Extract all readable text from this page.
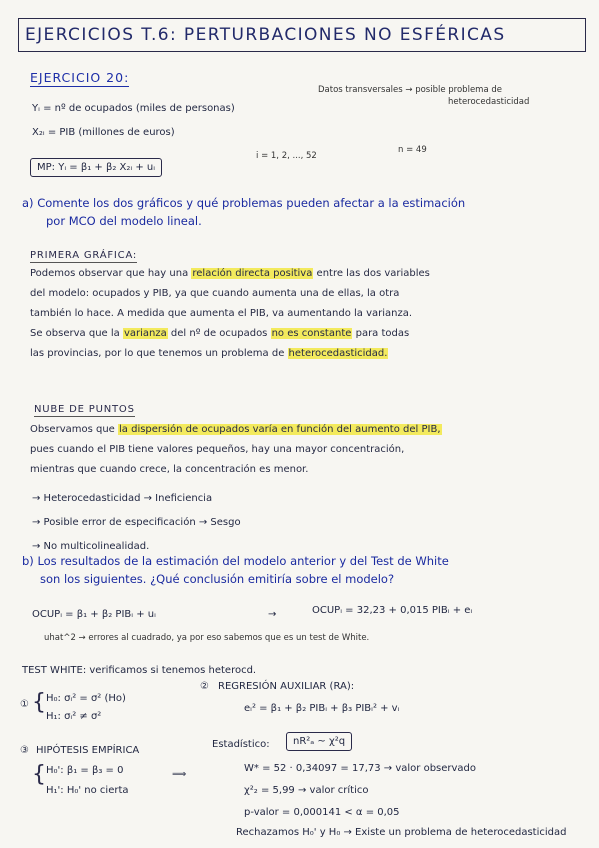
EJERCICIOS T.6: PERTURBACIONES NO ESFÉRICAS
EJERCICIO 20:
Datos transversales → posible problema de
heterocedasticidad
Yᵢ = nº de ocupados (miles de personas)
X₂ᵢ = PIB (millones de euros)
MP: Yᵢ = β₁ + β₂ X₂ᵢ + uᵢ
i = 1, 2, ..., 52
n = 49
a) Comente los dos gráficos y qué problemas pueden afectar a la estimación
por MCO del modelo lineal.
PRIMERA GRÁFICA:
Podemos observar que hay una relación directa positiva entre las dos variables
del modelo: ocupados y PIB, ya que cuando aumenta una de ellas, la otra
también lo hace. A medida que aumenta el PIB, va aumentando la varianza.
Se observa que la varianza del nº de ocupados no es constante para todas
las provincias, por lo que tenemos un problema de heterocedasticidad.
NUBE DE PUNTOS
Observamos que la dispersión de ocupados varía en función del aumento del PIB,
pues cuando el PIB tiene valores pequeños, hay una mayor concentración,
mientras que cuando crece, la concentración es menor.
→ Heterocedasticidad → Ineficiencia
→ Posible error de especificación → Sesgo
→ No multicolinealidad.
b) Los resultados de la estimación del modelo anterior y del Test de White
son los siguientes. ¿Qué conclusión emitiría sobre el modelo?
OCUPᵢ = β₁ + β₂ PIBᵢ + uᵢ	→	OCUPᵢ = 32,23 + 0,015 PIBᵢ + eᵢ
uhat^2 → errores al cuadrado, ya por eso sabemos que es un test de White.
TEST WHITE: verificamos si tenemos heterocd.
① { H₀: σᵢ² = σ² (Ho)
H₁: σᵢ² ≠ σ²
② REGRESIÓN AUXILIAR (RA):
eᵢ² = β₁ + β₂ PIBᵢ + β₃ PIBᵢ² + vᵢ
③ HIPÓTESIS EMPÍRICA
{ H₀': β₁ = β₃ = 0
H₁': H₀' no cierta
⟹
Estadístico:	nR²ₐ ~ χ²q
W* = 52 · 0,34097 = 17,73 → valor observado
χ²₂ = 5,99 → valor crítico
p-valor = 0,000141 < α = 0,05
Rechazamos H₀' y H₀ → Existe un problema de heterocedasticidad
